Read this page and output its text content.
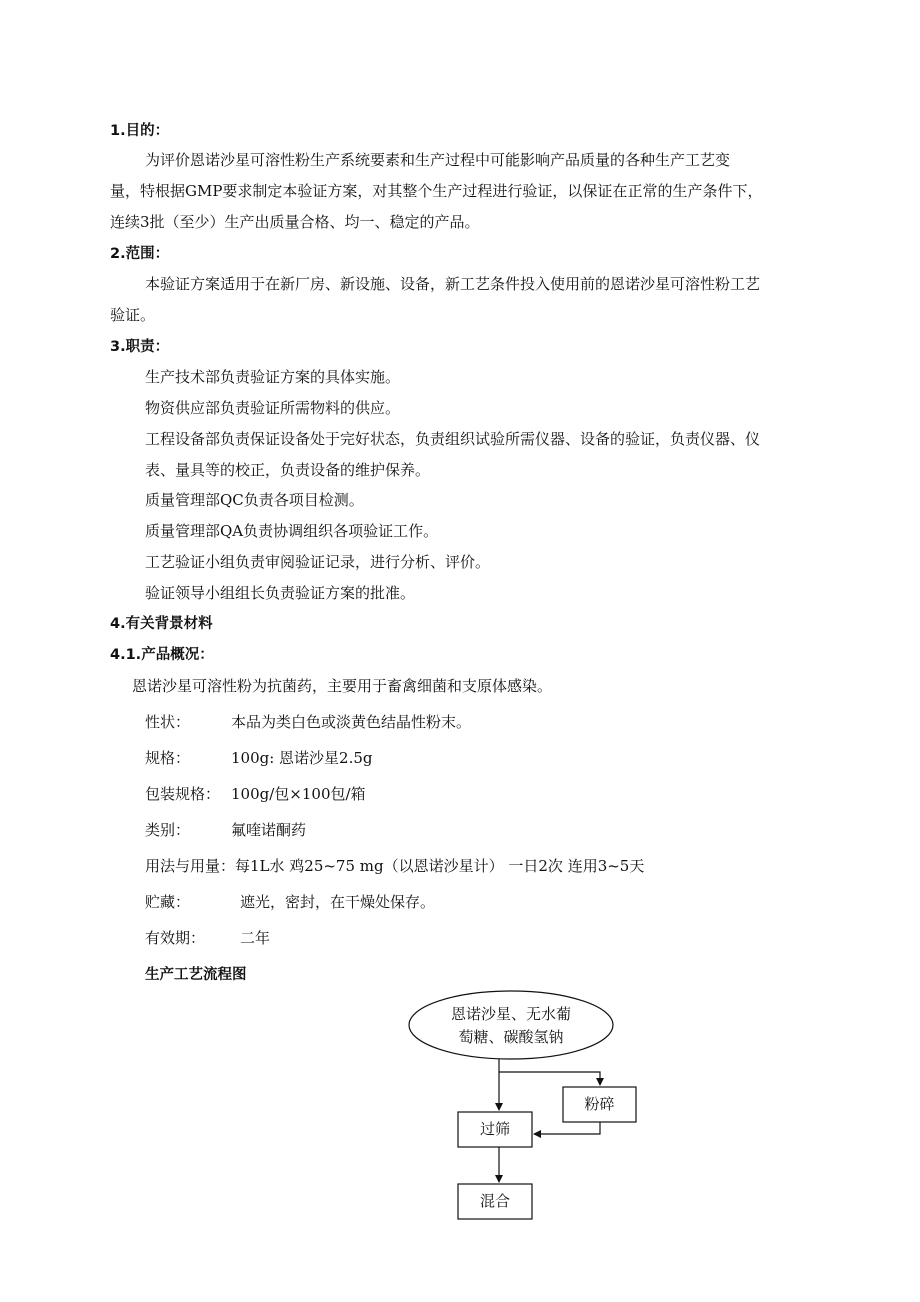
1.目的：
为评价恩诺沙星可溶性粉生产系统要素和生产过程中可能影响产品质量的各种生产工艺变
量，特根据GMP要求制定本验证方案，对其整个生产过程进行验证，以保证在正常的生产条件下，
连续3批（至少）生产出质量合格、均一、稳定的产品。
2.范围：
本验证方案适用于在新厂房、新设施、设备，新工艺条件投入使用前的恩诺沙星可溶性粉工艺
验证。
3.职责：
生产技术部负责验证方案的具体实施。
物资供应部负责验证所需物料的供应。
工程设备部负责保证设备处于完好状态，负责组织试验所需仪器、设备的验证，负责仪器、仪
表、量具等的校正，负责设备的维护保养。
质量管理部QC负责各项目检测。
质量管理部QA负责协调组织各项验证工作。
工艺验证小组负责审阅验证记录，进行分析、评价。
验证领导小组组长负责验证方案的批准。
4.有关背景材料
4.1.产品概况：
恩诺沙星可溶性粉为抗菌药，主要用于畜禽细菌和支原体感染。
性状：	本品为类白色或淡黄色结晶性粉末。
规格：	100g: 恩诺沙星2.5g
包装规格： 100g/包×100包/箱
类别：	氟喹诺酮药
用法与用量： 每1L水 鸡25~75 mg（以恩诺沙星计） 一日2次 连用3~5天
贮藏：	遮光，密封，在干燥处保存。
有效期： 二年
生产工艺流程图
恩诺沙星、无水葡
萄糖、碳酸氢钠
粉碎
过筛
混合
